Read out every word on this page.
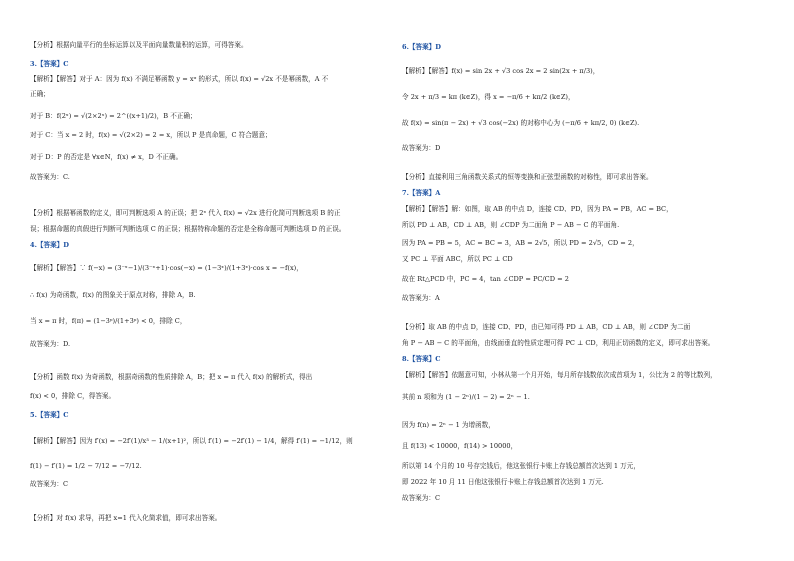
【分析】根据向量平行的坐标运算以及平面向量数量积的运算，可得答案。
3.【答案】C
【解析】【解答】对于 A：因为 f(x) 不满足幂函数 y = xᵅ 的形式，所以 f(x) = √2x 不是幂函数，A 不
正确；
对于 B：f(2ˣ) = √(2×2ˣ) = 2^((x+1)/2)，B 不正确；
对于 C：当 x = 2 时，f(x) = √(2×2) = 2 = x，所以 P 是真命题，C 符合题意；
对于 D：P 的否定是 ∀x∈N，f(x) ≠ x，D 不正确。
故答案为：C.
【分析】根据幂函数的定义，即可判断选项 A 的正误；把 2ˣ 代入 f(x) = √2x 进行化简可判断选项 B 的正
误；根据命题的真假进行判断可判断选项 C 的正误；根据特称命题的否定是全称命题可判断选项 D 的正误。
4.【答案】D
【解析】【解答】∵ f(−x) = (3⁻ˣ−1)/(3⁻ˣ+1)·cos(−x) = (1−3ˣ)/(1+3ˣ)·cos x = −f(x)，
∴ f(x) 为奇函数，f(x) 的图象关于原点对称，排除 A，B.
当 x = π 时，f(π) = (1−3ᵖ)/(1+3ᵖ) < 0，排除 C，
故答案为：D.
【分析】函数 f(x) 为奇函数，根据奇函数的性质排除 A，B；把 x = π 代入 f(x) 的解析式，得出
f(x) < 0，排除 C，得答案。
5.【答案】C
【解析】【解答】因为 f′(x) = −2f′(1)/x³ − 1/(x+1)²，所以 f′(1) = −2f′(1) − 1/4，解得 f′(1) = −1/12，则
f(1) − f′(1) = 1/2 − 7/12 = −7/12.
故答案为：C
【分析】对 f(x) 求导，再把 x=1 代入化简求值，即可求出答案。
6.【答案】D
【解析】【解答】f(x) = sin 2x + √3 cos 2x = 2 sin(2x + π/3)，
令 2x + π/3 = kπ (k∈Z)，得 x = −π/6 + kπ/2 (k∈Z)，
故 f(x) = sin(π − 2x) + √3 cos(−2x) 的对称中心为 (−π/6 + kπ/2, 0) (k∈Z).
故答案为：D
【分析】直接利用三角函数关系式的恒等变换和正弦型函数的对称性，即可求出答案。
7.【答案】A
【解析】【解答】解：如图，取 AB 的中点 D，连接 CD、PD，因为 PA = PB，AC = BC，
所以 PD ⊥ AB，CD ⊥ AB，则 ∠CDP 为二面角 P − AB − C 的平面角.
因为 PA = PB = 5，AC = BC = 3，AB = 2√5，所以 PD = 2√5，CD = 2，
又 PC ⊥ 平面 ABC，所以 PC ⊥ CD
故在 Rt△PCD 中，PC = 4，tan ∠CDP = PC/CD = 2
故答案为：A
【分析】取 AB 的中点 D，连接 CD、PD，由已知可得 PD ⊥ AB，CD ⊥ AB，则 ∠CDP 为二面
角 P − AB − C 的平面角，由线面垂直的性质定理可得 PC ⊥ CD，利用正切函数的定义，即可求出答案。
8.【答案】C
【解析】【解答】依题意可知，小林从第一个月开始，每月所存钱数依次成首项为 1，公比为 2 的等比数列，
其前 n 项和为 (1 − 2ⁿ)/(1 − 2) = 2ⁿ − 1.
因为 f(n) = 2ⁿ − 1 为增函数，
且 f(13) < 10000，f(14) > 10000，
所以第 14 个月的 10 号存完钱后，他这张银行卡账上存钱总额首次达到 1 万元，
即 2022 年 10 月 11 日他这张银行卡账上存钱总额首次达到 1 万元.
故答案为：C
